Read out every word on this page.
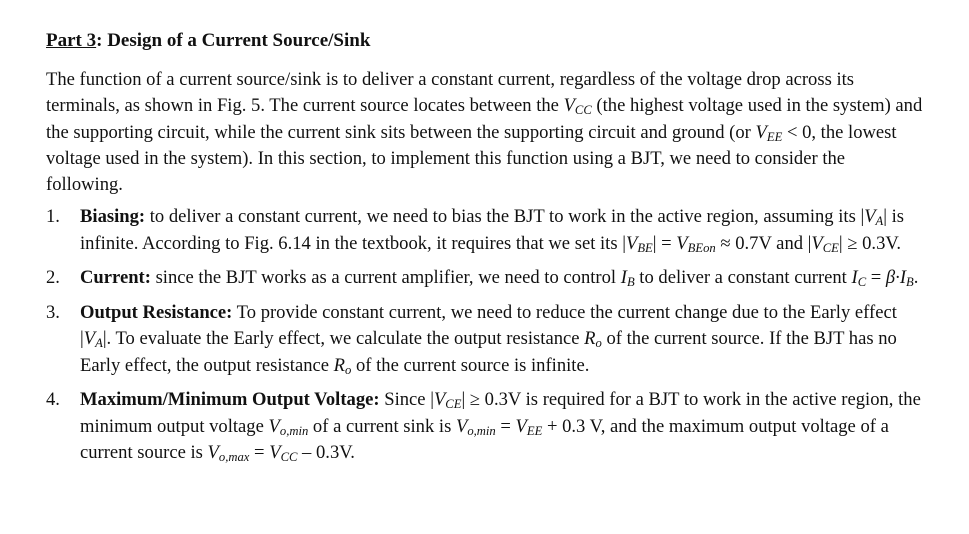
Part 3: Design of a Current Source/Sink

The function of a current source/sink is to deliver a constant current, regardless of the voltage drop across its terminals, as shown in Fig. 5. The current source locates between the $V_{CC}$ (the highest voltage used in the system) and the supporting circuit, while the current sink sits between the supporting circuit and ground (or $V_{EE} < 0$, the lowest voltage used in the system). In this section, to implement this function using a BJT, we need to consider the following.

1. Biasing: to deliver a constant current, we need to bias the BJT to work in the active region, assuming its $|V_A|$ is infinite. According to Fig. 6.14 in the textbook, it requires that we set its $|V_{BE}| = V_{BEon} \approx 0.7V$ and $|V_{CE}| \ge 0.3V$.
2. Current: since the BJT works as a current amplifier, we need to control $I_B$ to deliver a constant current $I_C = \beta\cdot I_B$.
3. Output Resistance: To provide constant current, we need to reduce the current change due to the Early effect $|V_A|$. To evaluate the Early effect, we calculate the output resistance $R_o$ of the current source. If the BJT has no Early effect, the output resistance $R_o$ of the current source is infinite.
4. Maximum/Minimum Output Voltage: Since $|V_{CE}| \ge 0.3V$ is required for a BJT to work in the active region, the minimum output voltage $V_{o,min}$ of a current sink is $V_{o,min} = V_{EE} + 0.3$ V, and the maximum output voltage of a current source is $V_{o,max} = V_{CC} - 0.3V$.
